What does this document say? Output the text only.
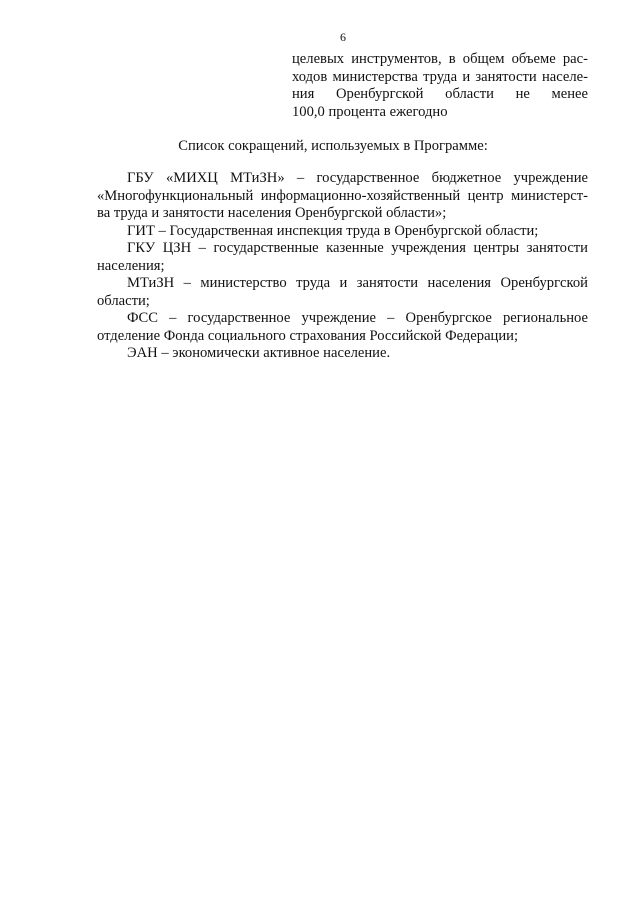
6
целевых инструментов, в общем объеме рас-
ходов министерства труда и занятости населе-
ния Оренбургской области не менее
100,0 процента ежегодно
Список сокращений, используемых в Программе:
ГБУ «МИХЦ МТиЗН» – государственное бюджетное учреждение
«Многофункциональный информационно-хозяйственный центр министерст-
ва труда и занятости населения Оренбургской области»;
ГИТ – Государственная инспекция труда в Оренбургской области;
ГКУ ЦЗН – государственные казенные учреждения центры занятости
населения;
МТиЗН – министерство труда и занятости населения Оренбургской
области;
ФСС – государственное учреждение – Оренбургское региональное
отделение Фонда социального страхования Российской Федерации;
ЭАН – экономически активное население.
